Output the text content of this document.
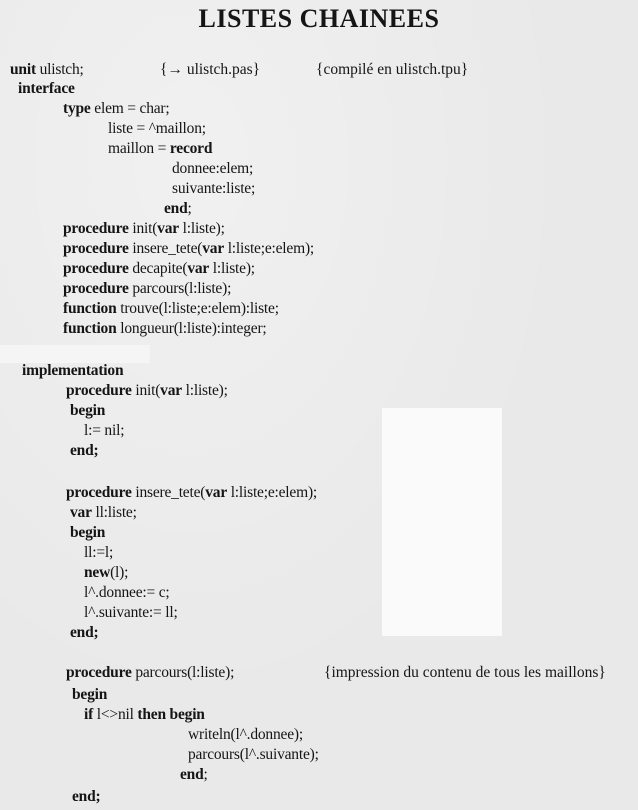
LISTES CHAINEES
unit ulistch;	{→ ulistch.pas}	{compilé en ulistch.tpu}
interface
type elem = char;
liste = ^maillon;
maillon = record
donnee:elem;
suivante:liste;
end;
procedure init(var l:liste);
procedure insere_tete(var l:liste;e:elem);
procedure decapite(var l:liste);
procedure parcours(l:liste);
function trouve(l:liste;e:elem):liste;
function longueur(l:liste):integer;
implementation
procedure init(var l:liste);
begin
l:= nil;
end;
procedure insere_tete(var l:liste;e:elem);
var ll:liste;
begin
ll:=l;
new(l);
l^.donnee:= c;
l^.suivante:= ll;
end;
procedure parcours(l:liste);	{impression du contenu de tous les maillons}
begin
if l<>nil then begin
writeln(l^.donnee);
parcours(l^.suivante);
end;
end;
